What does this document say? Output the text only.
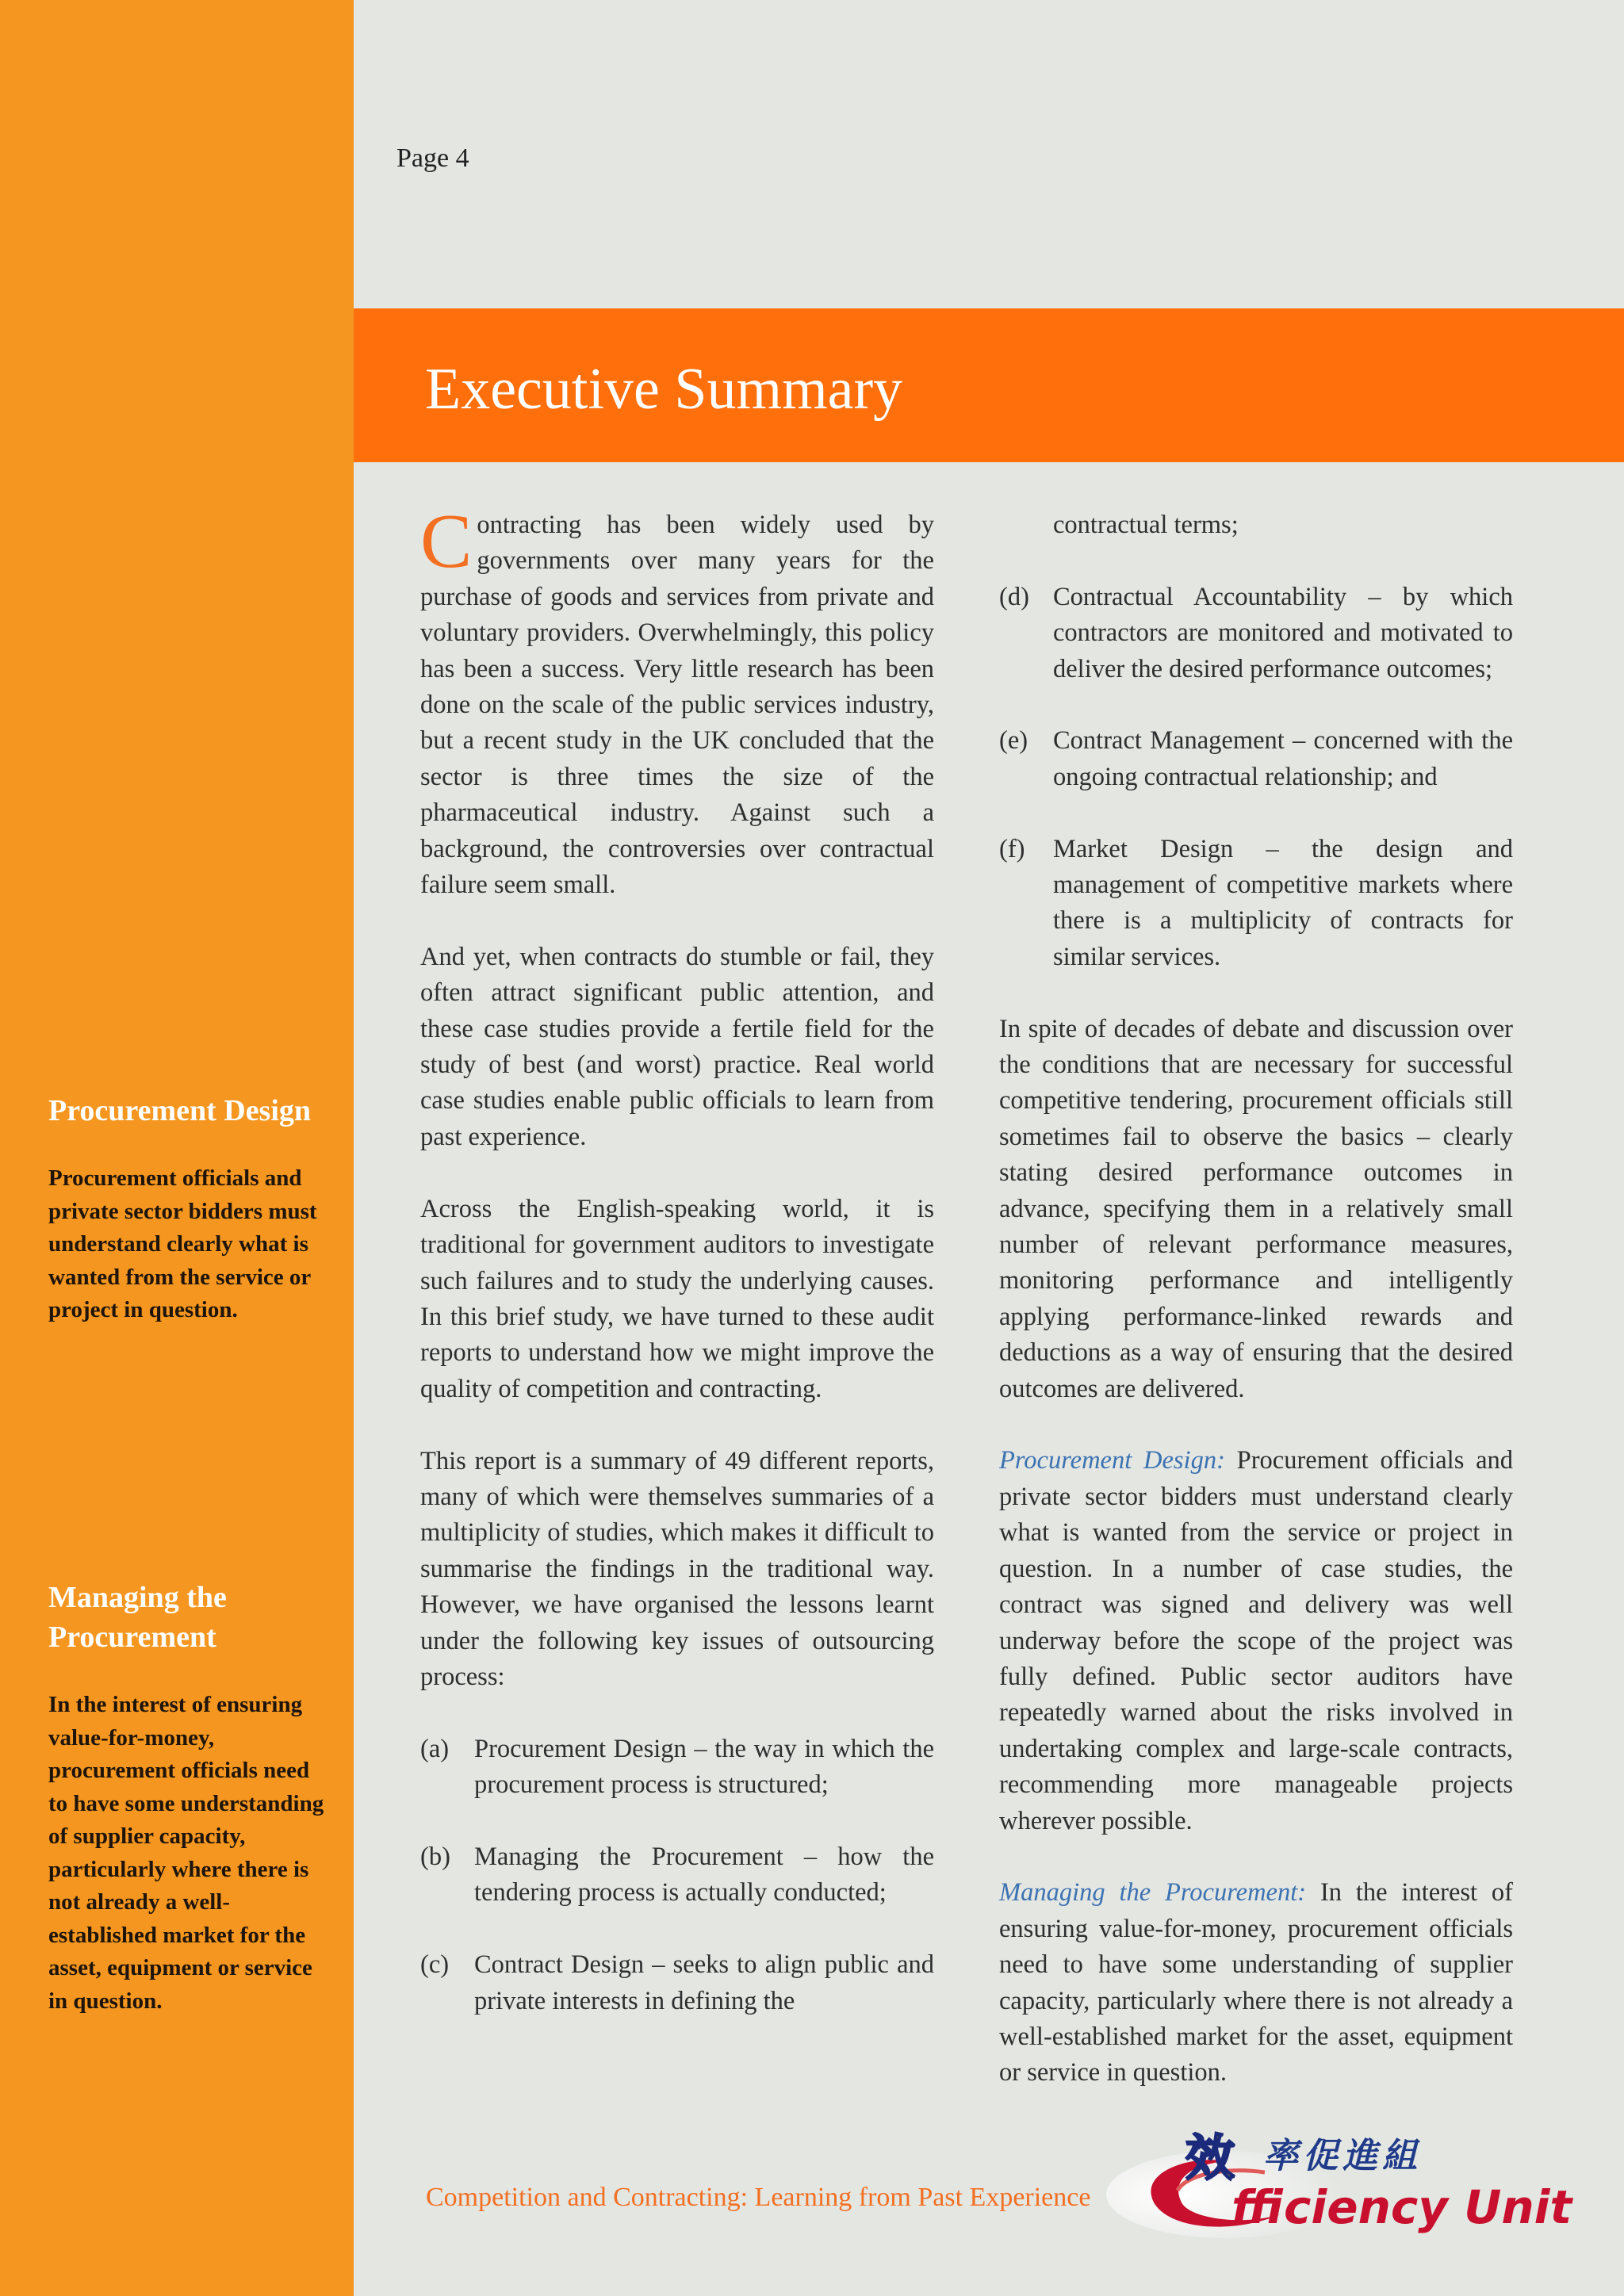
Procurement Design

Procurement officials and private sector bidders must understand clearly what is wanted from the service or project in question.

Managing the Procurement

In the interest of ensuring value-for-money, procurement officials need to have some understanding of supplier capacity, particularly where there is not already a well-established market for the asset, equipment or service in question.

Page 4
Executive Summary

Contracting has been widely used by governments over many years for the purchase of goods and services from private and voluntary providers. Overwhelmingly, this policy has been a success. Very little research has been done on the scale of the public services industry, but a recent study in the UK concluded that the sector is three times the size of the pharmaceutical industry. Against such a background, the controversies over contractual failure seem small.

And yet, when contracts do stumble or fail, they often attract significant public attention, and these case studies provide a fertile field for the study of best (and worst) practice. Real world case studies enable public officials to learn from past experience.

Across the English-speaking world, it is traditional for government auditors to investigate such failures and to study the underlying causes. In this brief study, we have turned to these audit reports to understand how we might improve the quality of competition and contracting.

This report is a summary of 49 different reports, many of which were themselves summaries of a multiplicity of studies, which makes it difficult to summarise the findings in the traditional way. However, we have organised the lessons learnt under the following key issues of outsourcing process:

(a) Procurement Design – the way in which the procurement process is structured;

(b) Managing the Procurement – how the tendering process is actually conducted;

(c) Contract Design – seeks to align public and private interests in defining the

contractual terms;

(d) Contractual Accountability – by which contractors are monitored and motivated to deliver the desired performance outcomes;

(e) Contract Management – concerned with the ongoing contractual relationship; and

(f) Market Design – the design and management of competitive markets where there is a multiplicity of contracts for similar services.

In spite of decades of debate and discussion over the conditions that are necessary for successful competitive tendering, procurement officials still sometimes fail to observe the basics – clearly stating desired performance outcomes in advance, specifying them in a relatively small number of relevant performance measures, monitoring performance and intelligently applying performance-linked rewards and deductions as a way of ensuring that the desired outcomes are delivered.

Procurement Design: Procurement officials and private sector bidders must understand clearly what is wanted from the service or project in question. In a number of case studies, the contract was signed and delivery was well underway before the scope of the project was fully defined. Public sector auditors have repeatedly warned about the risks involved in undertaking complex and large-scale contracts, recommending more manageable projects wherever possible.

Managing the Procurement: In the interest of ensuring value-for-money, procurement officials need to have some understanding of supplier capacity, particularly where there is not already a well-established market for the asset, equipment or service in question.

Competition and Contracting: Learning from Past Experience
效 率促進組
fficiency Unit
